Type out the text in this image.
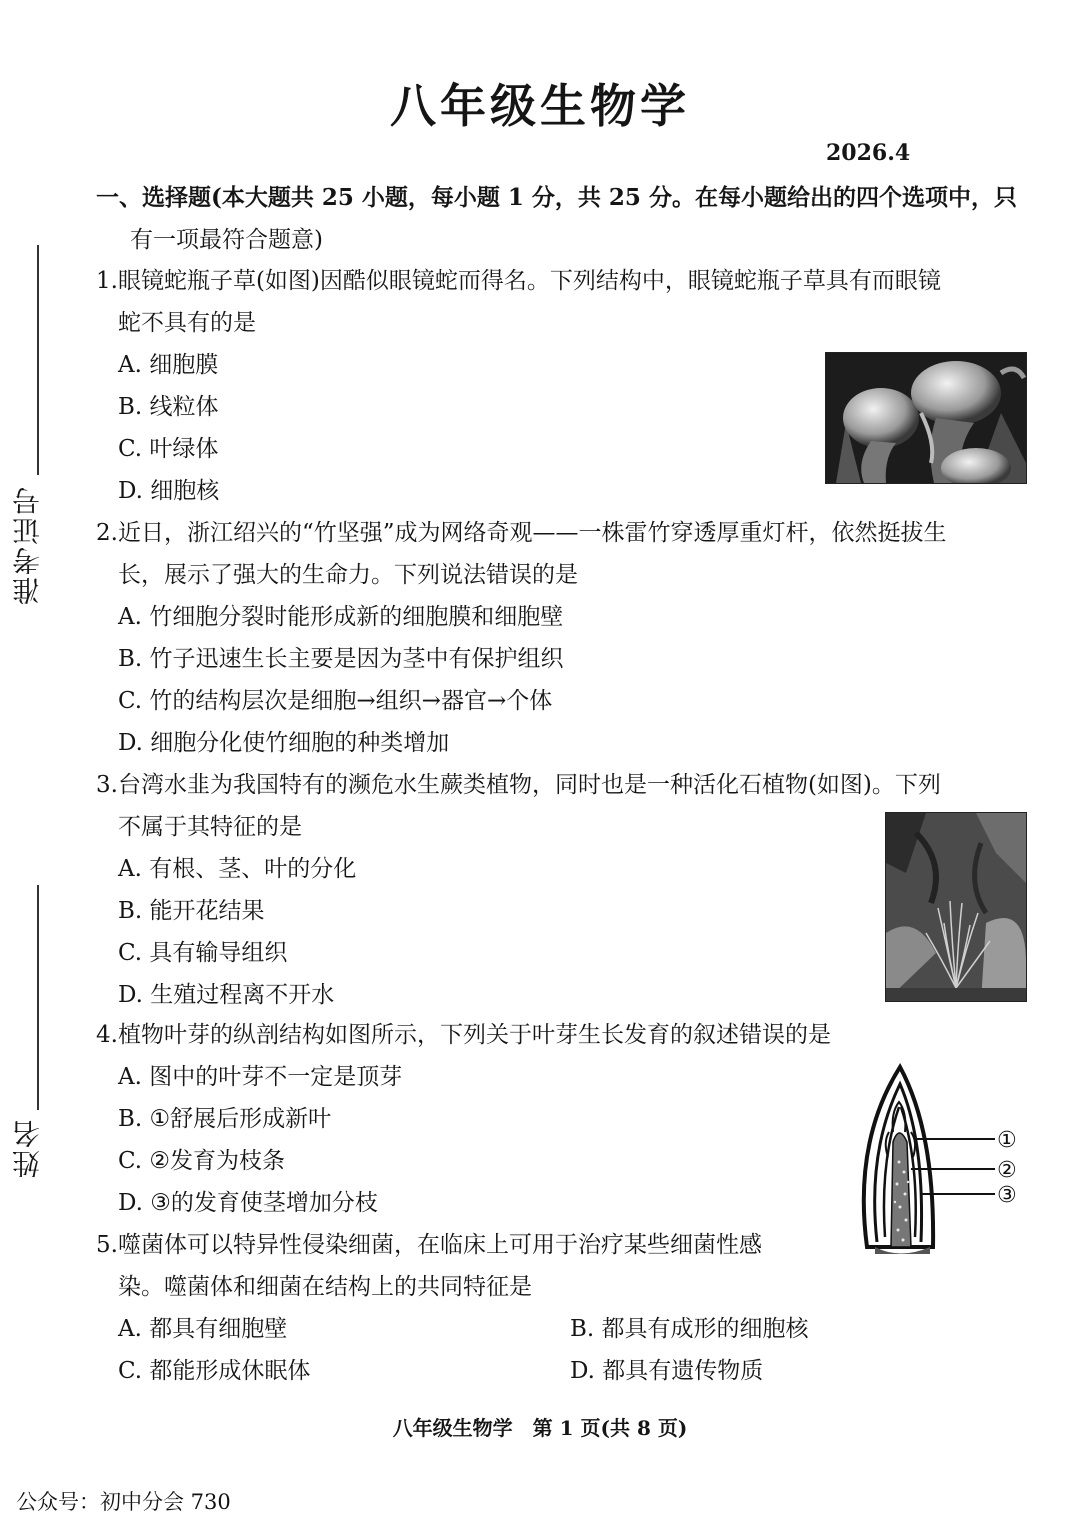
八年级生物学
2026.4
准考证号
姓名
一、选择题(本大题共 25 小题，每小题 1 分，共 25 分。在每小题给出的四个选项中，只
有一项最符合题意)
1.眼镜蛇瓶子草(如图)因酷似眼镜蛇而得名。下列结构中，眼镜蛇瓶子草具有而眼镜
蛇不具有的是
A. 细胞膜
B. 线粒体
C. 叶绿体
D. 细胞核
2.近日，浙江绍兴的“竹坚强”成为网络奇观——一株雷竹穿透厚重灯杆，依然挺拔生
长，展示了强大的生命力。下列说法错误的是
A. 竹细胞分裂时能形成新的细胞膜和细胞壁
B. 竹子迅速生长主要是因为茎中有保护组织
C. 竹的结构层次是细胞→组织→器官→个体
D. 细胞分化使竹细胞的种类增加
3.台湾水韭为我国特有的濒危水生蕨类植物，同时也是一种活化石植物(如图)。下列
不属于其特征的是
A. 有根、茎、叶的分化
B. 能开花结果
C. 具有输导组织
D. 生殖过程离不开水
4.植物叶芽的纵剖结构如图所示，下列关于叶芽生长发育的叙述错误的是
A. 图中的叶芽不一定是顶芽
B. ①舒展后形成新叶
C. ②发育为枝条
D. ③的发育使茎增加分枝
①
②
③
5.噬菌体可以特异性侵染细菌，在临床上可用于治疗某些细菌性感
染。噬菌体和细菌在结构上的共同特征是
A. 都具有细胞壁	B. 都具有成形的细胞核
C. 都能形成休眠体	D. 都具有遗传物质
八年级生物学　第 1 页(共 8 页)
公众号：初中分会 730
